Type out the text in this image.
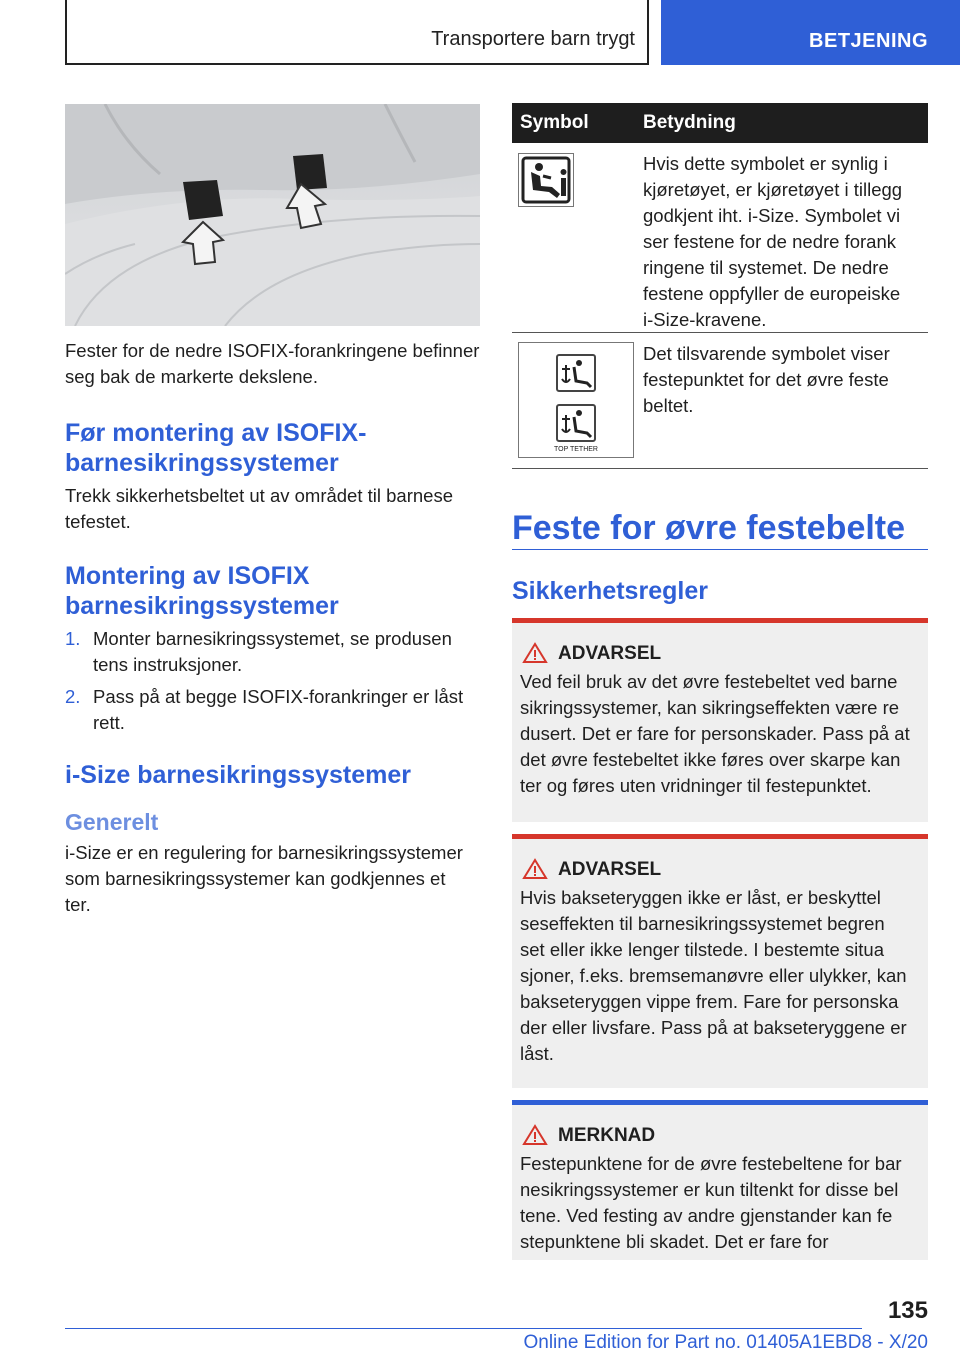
Transportere barn trygt	BETJENING

Fester for de nedre ISOFIX-forankringene befinner seg bak de markerte dekslene.

Før montering av ISOFIX-
barnesikringssystemer

Trekk sikkerhetsbeltet ut av området til barnese
tefestet.

Montering av ISOFIX
barnesikringssystemer
1. Monter barnesikringssystemet, se produsen
tens instruksjoner.
2. Pass på at begge ISOFIX-forankringer er låst
rett.
i-Size barnesikringssystemer
Generelt

i-Size er en regulering for barnesikringssystemer
som barnesikringssystemer kan godkjennes et
ter.

Symbol	Betydning
Hvis dette symbolet er synlig i
kjøretøyet, er kjøretøyet i tillegg
godkjent iht. i-Size. Symbolet vi
ser festene for de nedre forank
ringene til systemet. De nedre
festene oppfyller de europeiske
i-Size-kravene.
TOP TETHER
Det tilsvarende symbolet viser
festepunktet for det øvre feste
beltet.
Feste for øvre festebelte
Sikkerhetsregler
ADVARSEL
Ved feil bruk av det øvre festebeltet ved barne
sikringssystemer, kan sikringseffekten være re
dusert. Det er fare for personskader. Pass på at
det øvre festebeltet ikke føres over skarpe kan
ter og føres uten vridninger til festepunktet.
ADVARSEL
Hvis bakseteryggen ikke er låst, er beskyttel
seseffekten til barnesikringssystemet begren
set eller ikke lenger tilstede. I bestemte situa
sjoner, f.eks. bremsemanøvre eller ulykker, kan
bakseteryggen vippe frem. Fare for personska
der eller livsfare. Pass på at bakseteryggene er
låst.
MERKNAD
Festepunktene for de øvre festebeltene for bar
nesikringssystemer er kun tiltenkt for disse bel
tene. Ved festing av andre gjenstander kan fe
stepunktene bli skadet. Det er fare for
135
Online Edition for Part no. 01405A1EBD8 - X/20
